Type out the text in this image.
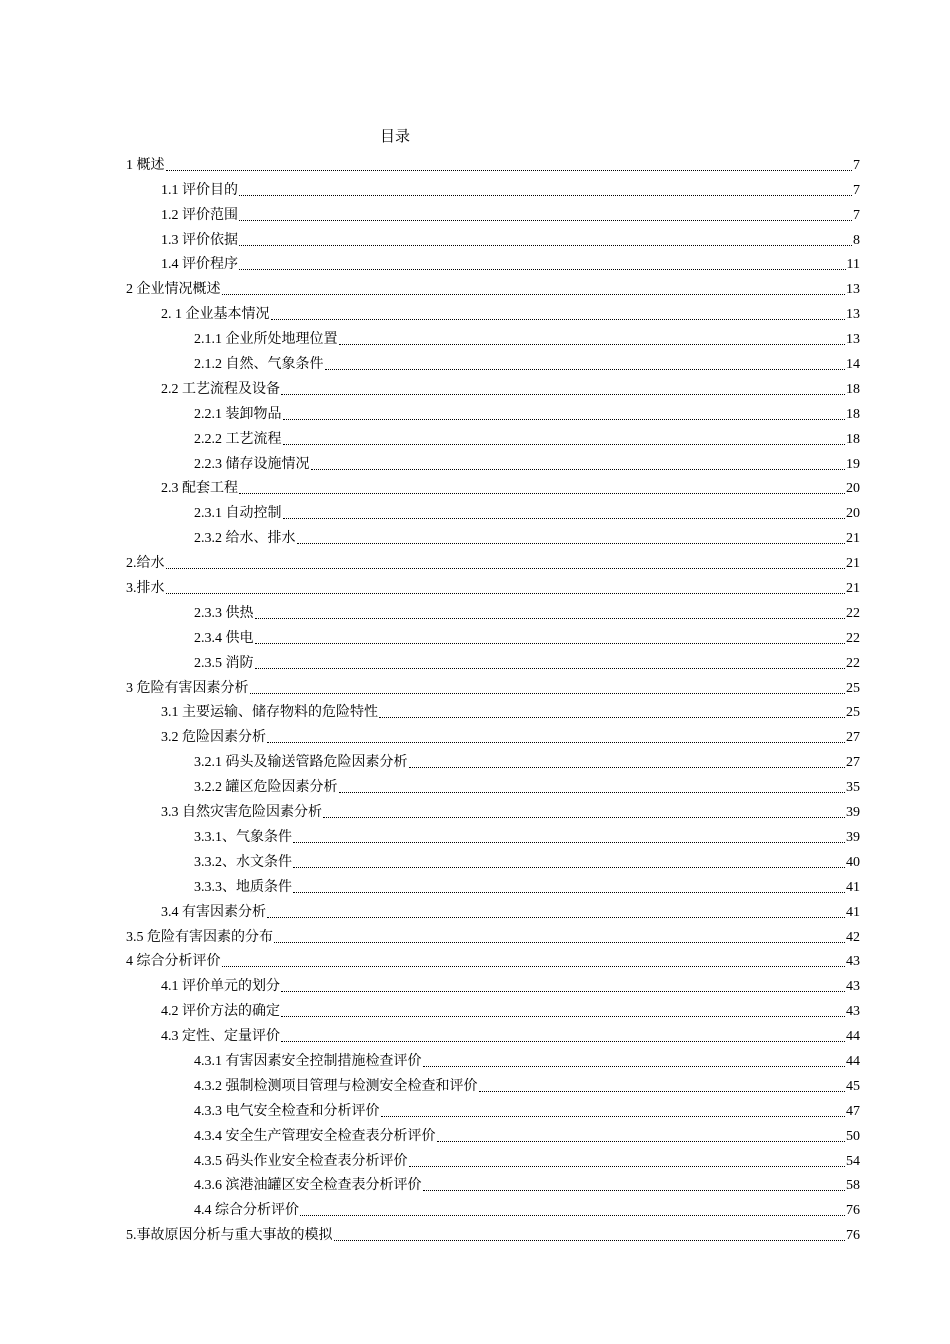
目录
1 概述	7
1.1 评价目的	7
1.2 评价范围	7
1.3 评价依据	8
1.4 评价程序	11
2 企业情况概述	13
2. 1 企业基本情况	13
2.1.1 企业所处地理位置	13
2.1.2 自然、气象条件	14
2.2 工艺流程及设备	18
2.2.1 装卸物品	18
2.2.2 工艺流程	18
2.2.3 储存设施情况	19
2.3 配套工程	20
2.3.1 自动控制	20
2.3.2 给水、排水	21
2.给水	21
3.排水	21
2.3.3 供热	22
2.3.4 供电	22
2.3.5 消防	22
3 危险有害因素分析	25
3.1 主要运输、储存物料的危险特性	25
3.2 危险因素分析	27
3.2.1 码头及输送管路危险因素分析	27
3.2.2 罐区危险因素分析	35
3.3 自然灾害危险因素分析	39
3.3.1、气象条件	39
3.3.2、水文条件	40
3.3.3、地质条件	41
3.4 有害因素分析	41
3.5 危险有害因素的分布	42
4 综合分析评价	43
4.1 评价单元的划分	43
4.2 评价方法的确定	43
4.3 定性、定量评价	44
4.3.1 有害因素安全控制措施检查评价	44
4.3.2 强制检测项目管理与检测安全检查和评价	45
4.3.3 电气安全检查和分析评价	47
4.3.4 安全生产管理安全检查表分析评价	50
4.3.5 码头作业安全检查表分析评价	54
4.3.6 滨港油罐区安全检查表分析评价	58
4.4 综合分析评价	76
5.事故原因分析与重大事故的模拟	76
